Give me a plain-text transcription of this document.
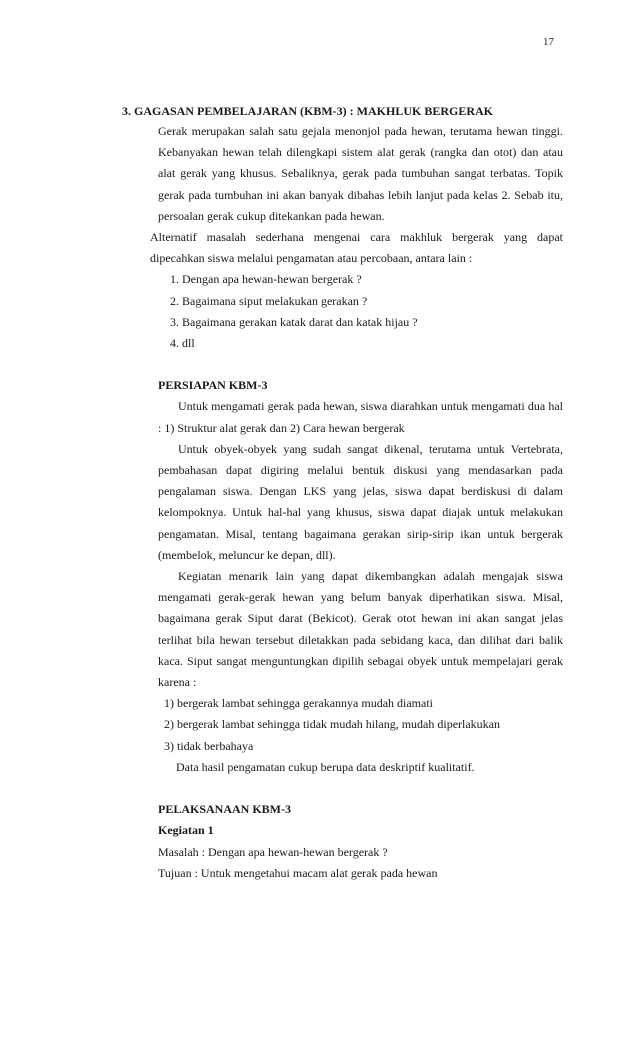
17

3. GAGASAN PEMBELAJARAN (KBM-3) : MAKHLUK BERGERAK

Gerak merupakan salah satu gejala menonjol pada hewan, terutama hewan tinggi. Kebanyakan hewan telah dilengkapi sistem alat gerak (rangka dan otot) dan atau alat gerak yang khusus. Sebaliknya, gerak pada tumbuhan sangat terbatas. Topik gerak pada tumbuhan ini akan banyak dibahas lebih lanjut pada kelas 2. Sebab itu, persoalan gerak cukup ditekankan pada hewan.

Alternatif masalah sederhana mengenai cara makhluk bergerak yang dapat dipecahkan siswa melalui pengamatan atau percobaan, antara lain :

1. Dengan apa hewan-hewan bergerak ?
2. Bagaimana siput melakukan gerakan ?
3. Bagaimana gerakan katak darat dan katak hijau ?
4. dll

PERSIAPAN KBM-3

Untuk mengamati gerak pada hewan, siswa diarahkan untuk mengamati dua hal : 1) Struktur alat gerak dan 2) Cara hewan bergerak

Untuk obyek-obyek yang sudah sangat dikenal, terutama untuk Vertebrata, pembahasan dapat digiring melalui bentuk diskusi yang mendasarkan pada pengalaman siswa. Dengan LKS yang jelas, siswa dapat berdiskusi di dalam kelompoknya. Untuk hal-hal yang khusus, siswa dapat diajak untuk melakukan pengamatan. Misal, tentang bagaimana gerakan sirip-sirip ikan untuk bergerak (membelok, meluncur ke depan, dll).

Kegiatan menarik lain yang dapat dikembangkan adalah mengajak siswa mengamati gerak-gerak hewan yang belum banyak diperhatikan siswa. Misal, bagaimana gerak Siput darat (Bekicot). Gerak otot hewan ini akan sangat jelas terlihat bila hewan tersebut diletakkan pada sebidang kaca, dan dilihat dari balik kaca. Siput sangat menguntungkan dipilih sebagai obyek untuk mempelajari gerak karena :

1) bergerak lambat sehingga gerakannya mudah diamati
2) bergerak lambat sehingga tidak mudah hilang, mudah diperlakukan
3) tidak berbahaya

Data hasil pengamatan cukup berupa data deskriptif kualitatif.

PELAKSANAAN KBM-3

Kegiatan 1

Masalah : Dengan apa hewan-hewan bergerak ?

Tujuan : Untuk mengetahui macam alat gerak pada hewan
